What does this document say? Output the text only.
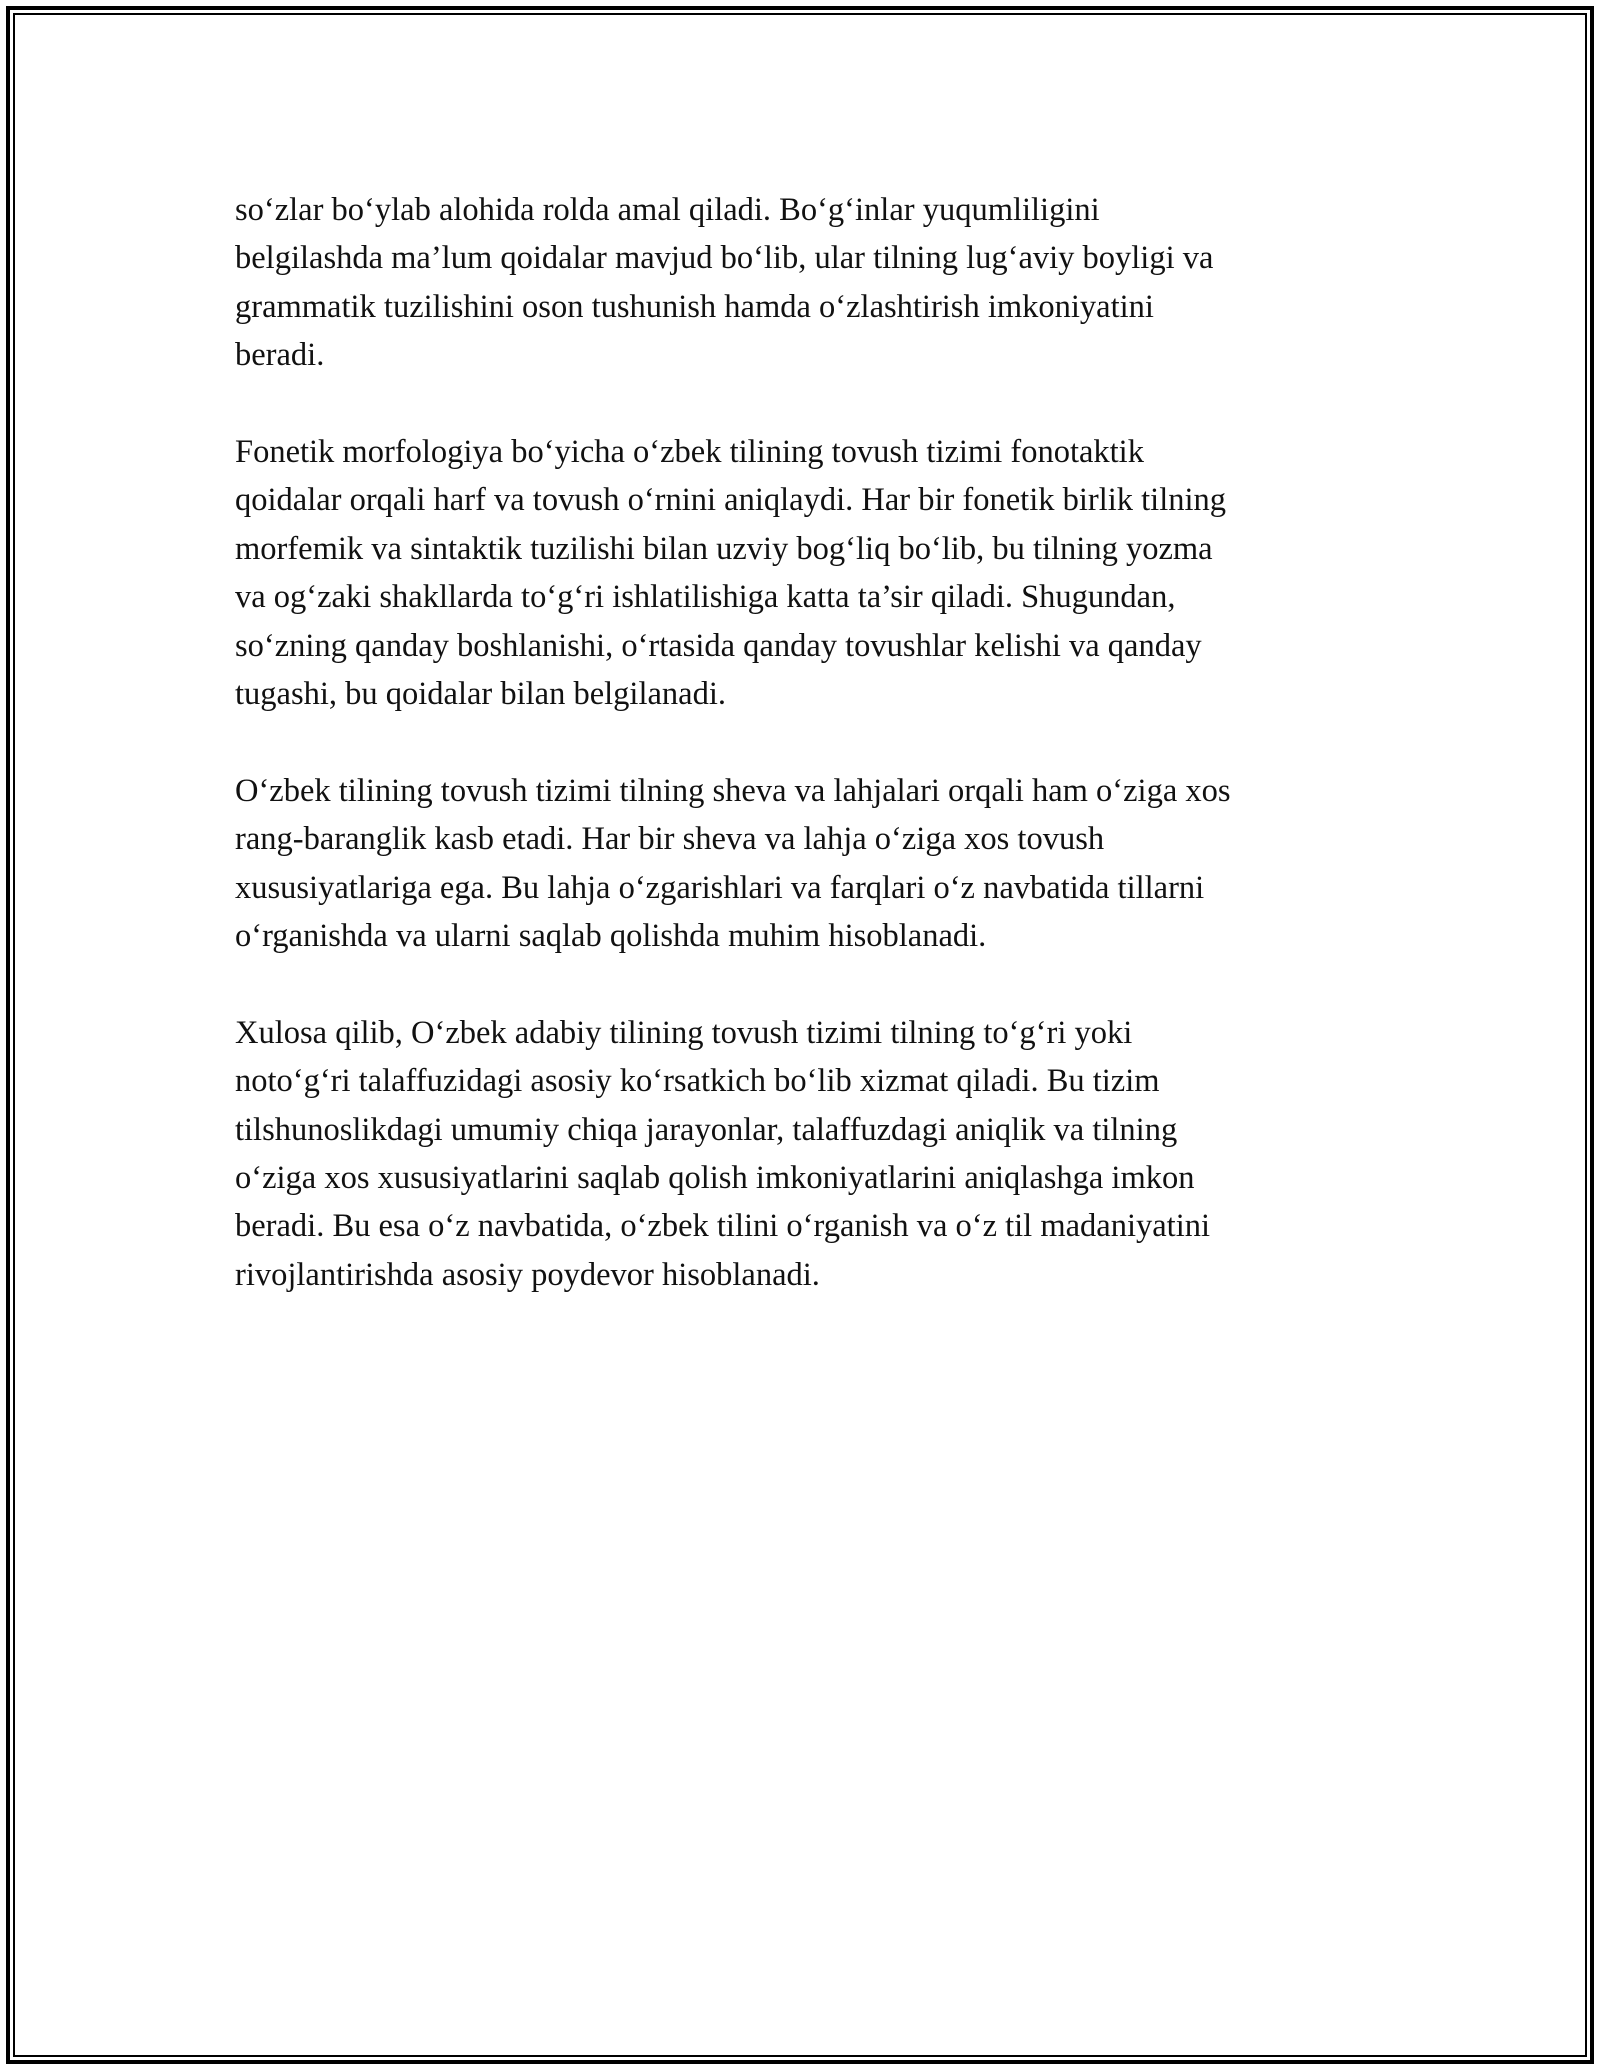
so‘zlar bo‘ylab alohida rolda amal qiladi. Bo‘g‘inlar yuqumliligini
belgilashda ma’lum qoidalar mavjud bo‘lib, ular tilning lug‘aviy boyligi va
grammatik tuzilishini oson tushunish hamda o‘zlashtirish imkoniyatini
beradi.

Fonetik morfologiya bo‘yicha o‘zbek tilining tovush tizimi fonotaktik
qoidalar orqali harf va tovush o‘rnini aniqlaydi. Har bir fonetik birlik tilning
morfemik va sintaktik tuzilishi bilan uzviy bog‘liq bo‘lib, bu tilning yozma
va og‘zaki shakllarda to‘g‘ri ishlatilishiga katta ta’sir qiladi. Shugundan,
so‘zning qanday boshlanishi, o‘rtasida qanday tovushlar kelishi va qanday
tugashi, bu qoidalar bilan belgilanadi.

O‘zbek tilining tovush tizimi tilning sheva va lahjalari orqali ham o‘ziga xos
rang-baranglik kasb etadi. Har bir sheva va lahja o‘ziga xos tovush
xususiyatlariga ega. Bu lahja o‘zgarishlari va farqlari o‘z navbatida tillarni
o‘rganishda va ularni saqlab qolishda muhim hisoblanadi.

Xulosa qilib, O‘zbek adabiy tilining tovush tizimi tilning to‘g‘ri yoki
noto‘g‘ri talaffuzidagi asosiy ko‘rsatkich bo‘lib xizmat qiladi. Bu tizim
tilshunoslikdagi umumiy chiqa jarayonlar, talaffuzdagi aniqlik va tilning
o‘ziga xos xususiyatlarini saqlab qolish imkoniyatlarini aniqlashga imkon
beradi. Bu esa o‘z navbatida, o‘zbek tilini o‘rganish va o‘z til madaniyatini
rivojlantirishda asosiy poydevor hisoblanadi.
